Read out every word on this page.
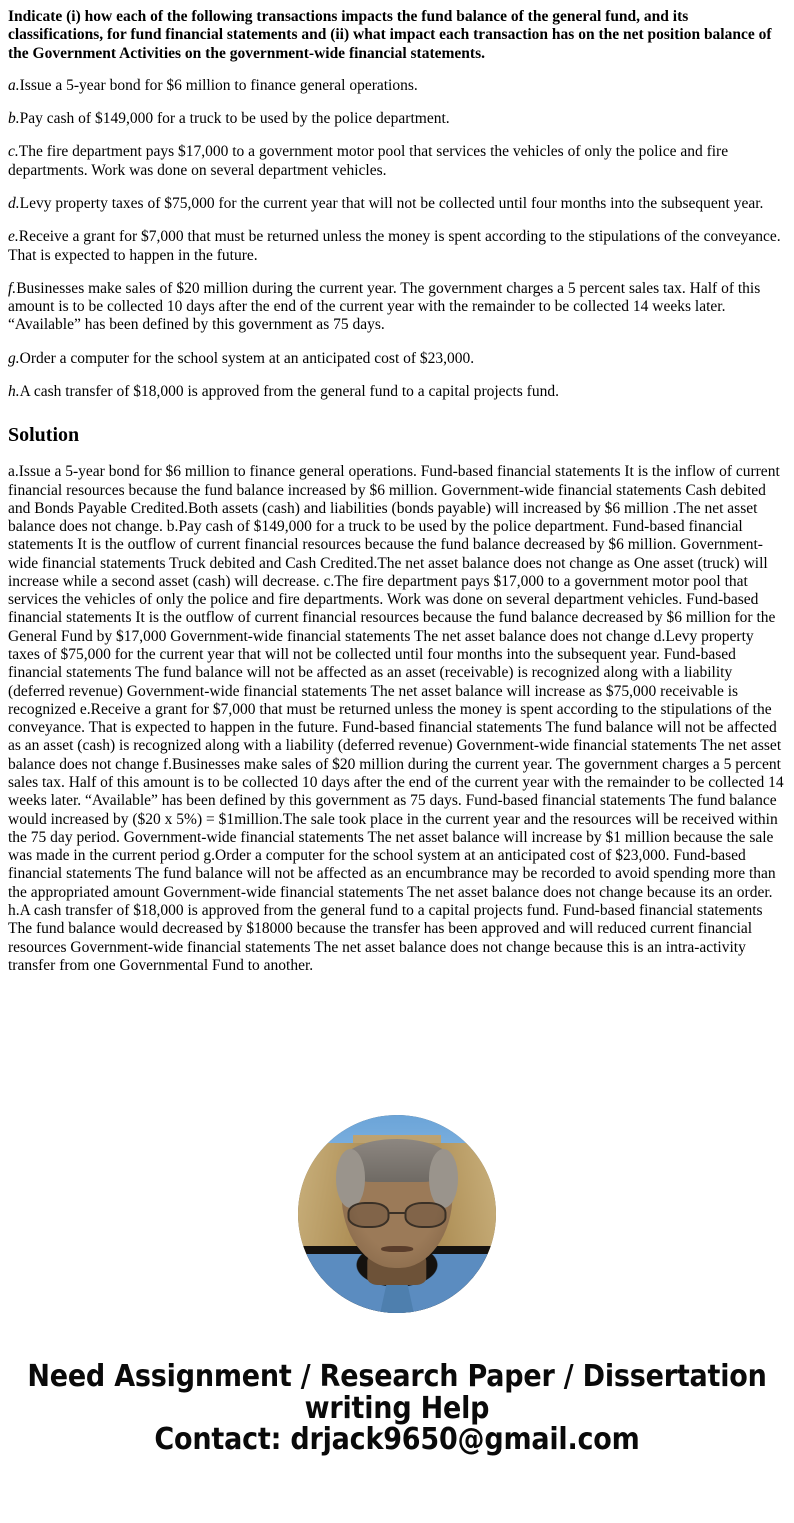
Indicate (i) how each of the following transactions impacts the fund balance of the general fund, and its classifications, for fund financial statements and (ii) what impact each transaction has on the net position balance of the Government Activities on the government-wide financial statements.

a.Issue a 5-year bond for $6 million to finance general operations.

b.Pay cash of $149,000 for a truck to be used by the police department.

c.The fire department pays $17,000 to a government motor pool that services the vehicles of only the police and fire departments. Work was done on several department vehicles.

d.Levy property taxes of $75,000 for the current year that will not be collected until four months into the subsequent year.

e.Receive a grant for $7,000 that must be returned unless the money is spent according to the stipulations of the conveyance. That is expected to happen in the future.

f.Businesses make sales of $20 million during the current year. The government charges a 5 percent sales tax. Half of this amount is to be collected 10 days after the end of the current year with the remainder to be collected 14 weeks later. “Available” has been defined by this government as 75 days.

g.Order a computer for the school system at an anticipated cost of $23,000.

h.A cash transfer of $18,000 is approved from the general fund to a capital projects fund.

Solution

a.Issue a 5-year bond for $6 million to finance general operations. Fund-based financial statements It is the inflow of current financial resources because the fund balance increased by $6 million. Government-wide financial statements Cash debited and Bonds Payable Credited.Both assets (cash) and liabilities (bonds payable) will increased by $6 million .The net asset balance does not change. b.Pay cash of $149,000 for a truck to be used by the police department. Fund-based financial statements It is the outflow of current financial resources because the fund balance decreased by $6 million. Government-wide financial statements Truck debited and Cash Credited.The net asset balance does not change as One asset (truck) will increase while a second asset (cash) will decrease. c.The fire department pays $17,000 to a government motor pool that services the vehicles of only the police and fire departments. Work was done on several department vehicles. Fund-based financial statements It is the outflow of current financial resources because the fund balance decreased by $6 million for the General Fund by $17,000 Government-wide financial statements The net asset balance does not change d.Levy property taxes of $75,000 for the current year that will not be collected until four months into the subsequent year. Fund-based financial statements The fund balance will not be affected as an asset (receivable) is recognized along with a liability (deferred revenue) Government-wide financial statements The net asset balance will increase as $75,000 receivable is recognized e.Receive a grant for $7,000 that must be returned unless the money is spent according to the stipulations of the conveyance. That is expected to happen in the future. Fund-based financial statements The fund balance will not be affected as an asset (cash) is recognized along with a liability (deferred revenue) Government-wide financial statements The net asset balance does not change f.Businesses make sales of $20 million during the current year. The government charges a 5 percent sales tax. Half of this amount is to be collected 10 days after the end of the current year with the remainder to be collected 14 weeks later. “Available” has been defined by this government as 75 days. Fund-based financial statements The fund balance would increased by ($20 x 5%) = $1million.The sale took place in the current year and the resources will be received within the 75 day period. Government-wide financial statements The net asset balance will increase by $1 million because the sale was made in the current period g.Order a computer for the school system at an anticipated cost of $23,000. Fund-based financial statements The fund balance will not be affected as an encumbrance may be recorded to avoid spending more than the appropriated amount Government-wide financial statements The net asset balance does not change because its an order. h.A cash transfer of $18,000 is approved from the general fund to a capital projects fund. Fund-based financial statements The fund balance would decreased by $18000 because the transfer has been approved and will reduced current financial resources Government-wide financial statements The net asset balance does not change because this is an intra-activity transfer from one Governmental Fund to another.

Need Assignment / Research Paper / Dissertation
writing Help
Contact: drjack9650@gmail.com
